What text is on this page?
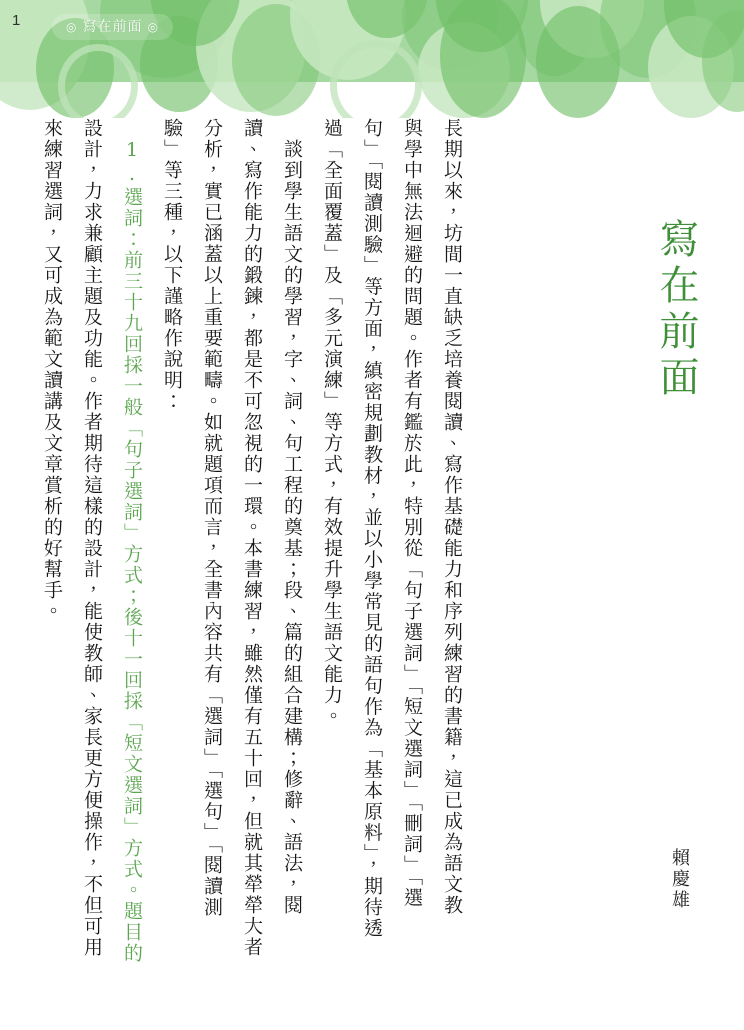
1	◎ 寫在前面 ◎
寫在前面
賴慶雄
長期以來，坊間一直缺乏培養閱讀、寫作基礎能力和序列練習的書籍，這已成為語文教
與學中無法迴避的問題。作者有鑑於此，特別從「句子選詞」「短文選詞」「刪詞」「選
句」「閱讀測驗」等方面，縝密規劃教材，並以小學常見的語句作為「基本原料」，期待透
過「全面覆蓋」及「多元演練」等方式，有效提升學生語文能力。
　談到學生語文的學習，字、詞、句工程的奠基；段、篇的組合建構；修辭、語法，閱
讀、寫作能力的鍛鍊，都是不可忽視的一環。本書練習，雖然僅有五十回，但就其犖犖大者
分析，實已涵蓋以上重要範疇。如就題項而言，全書內容共有「選詞」「選句」「閱讀測
驗」等三種，以下謹略作說明：
　1.選詞：前三十九回採一般「句子選詞」方式；後十一回採「短文選詞」方式。題目的
設計，力求兼顧主題及功能。作者期待這樣的設計，能使教師、家長更方便操作，不但可用
來練習選詞，又可成為範文讀講及文章賞析的好幫手。
